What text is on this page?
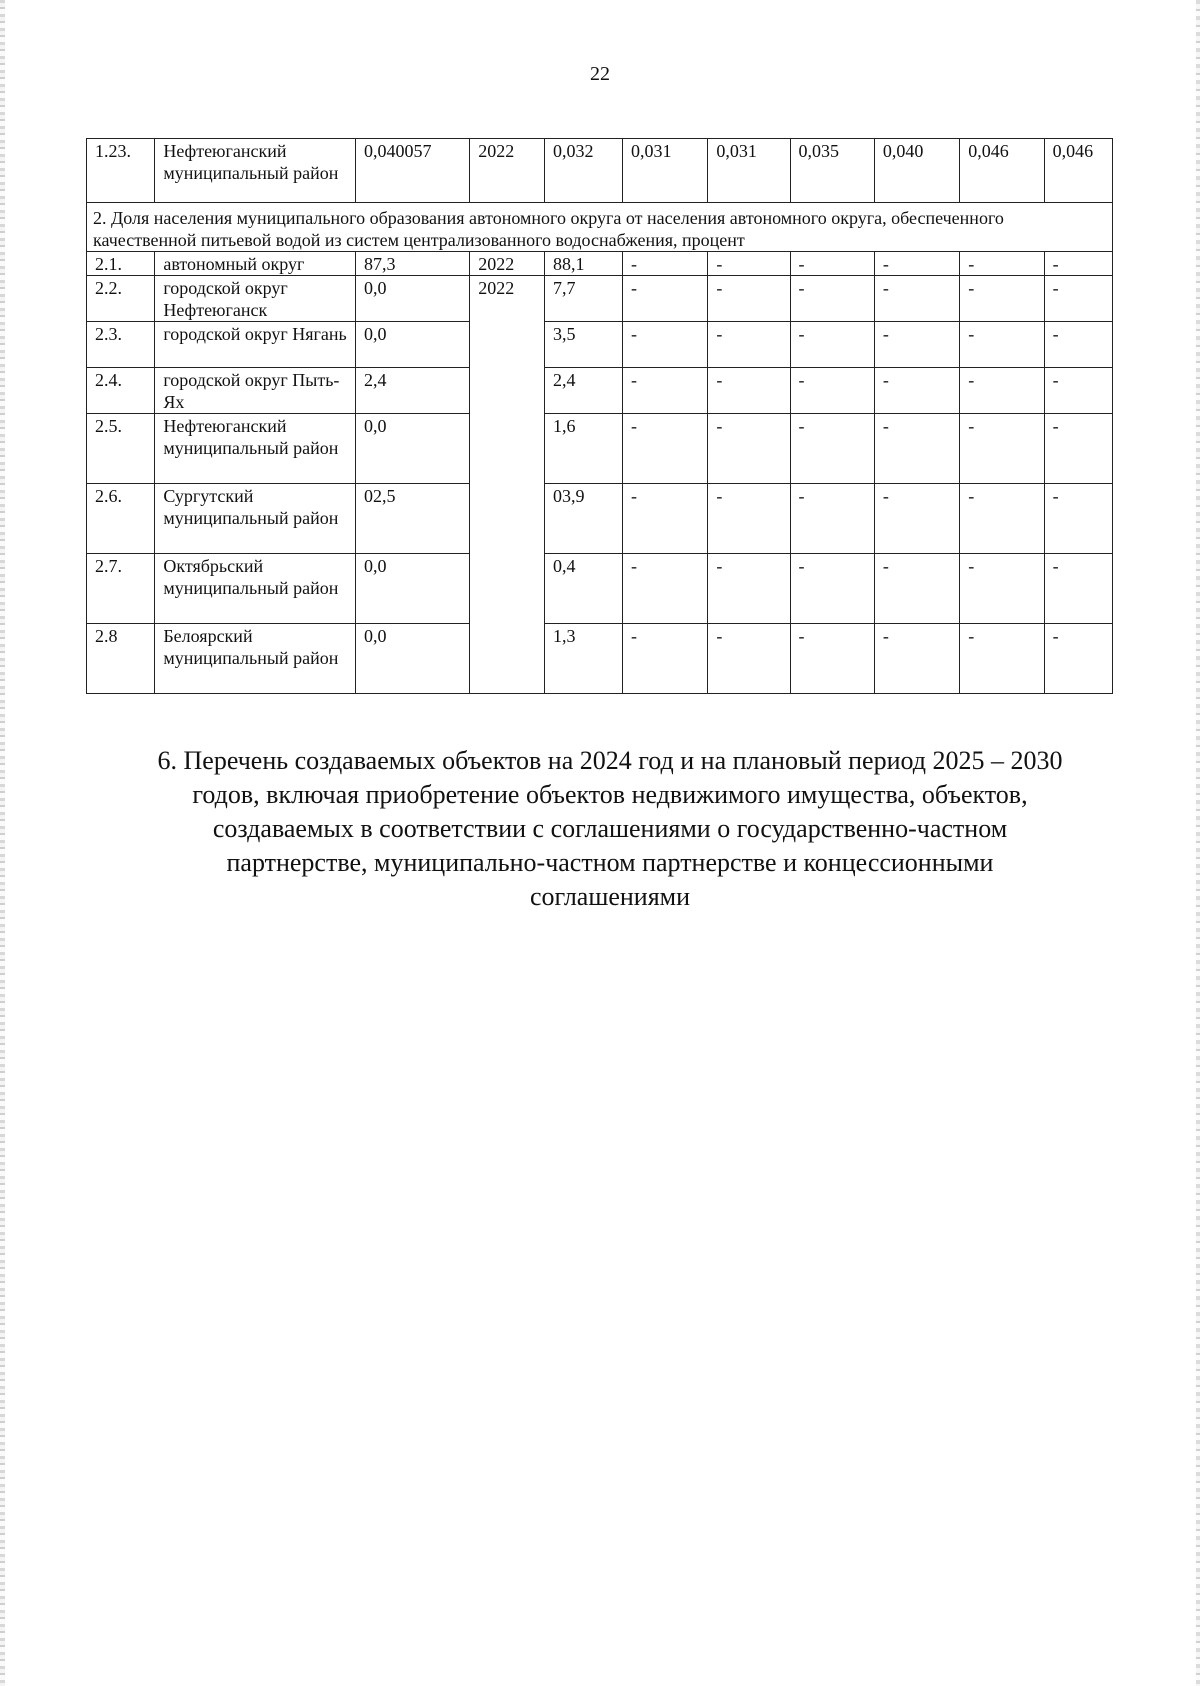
22
1.23.	Нефтеюганский муниципальный район	0,040057	2022	0,032	0,031	0,031	0,035	0,040	0,046	0,046
2. Доля населения муниципального образования автономного округа от населения автономного округа, обеспеченного качественной питьевой водой из систем централизованного водоснабжения, процент										
2.1.	автономный округ	87,3	2022	88,1	-	-	-	-	-	-
2.2.	городской округ Нефтеюганск	0,0	2022	7,7	-	-	-	-	-	-
2.3.	городской округ Нягань	0,0		3,5	-	-	-	-	-	-
2.4.	городской округ Пыть-Ях	2,4		2,4	-	-	-	-	-	-
2.5.	Нефтеюганский муниципальный район	0,0		1,6	-	-	-	-	-	-
2.6.	Сургутский муниципальный район	02,5		03,9	-	-	-	-	-	-
2.7.	Октябрьский муниципальный район	0,0		0,4	-	-	-	-	-	-
2.8	Белоярский муниципальный район	0,0		1,3	-	-	-	-	-	-
6. Перечень создаваемых объектов на 2024 год и на плановый период 2025 – 2030 годов, включая приобретение объектов недвижимого имущества, объектов, создаваемых в соответствии с соглашениями о государственно-частном партнерстве, муниципально-частном партнерстве и концессионными соглашениями
